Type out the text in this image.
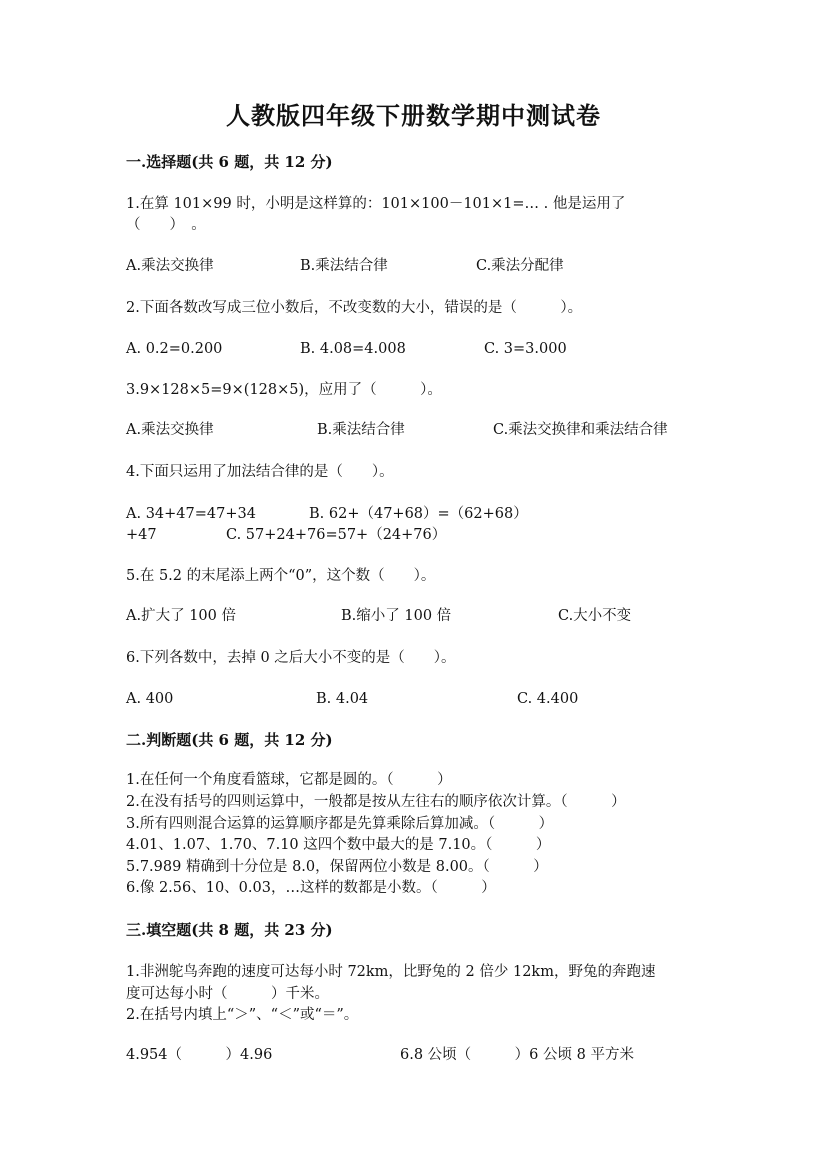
人教版四年级下册数学期中测试卷
一.选择题(共 6 题，共 12 分)
1.在算 101×99 时，小明是这样算的：101×100－101×1=… . 他是运用了
（　　）　。
A.乘法交换律	B.乘法结合律	C.乘法分配律
2.下面各数改写成三位小数后，不改变数的大小，错误的是（　　　）。
A. 0.2=0.200	B. 4.08=4.008	C. 3=3.000
3.9×128×5=9×(128×5)，应用了（　　　）。
A.乘法交换律	B.乘法结合律	C.乘法交换律和乘法结合律
4.下面只运用了加法结合律的是（　　）。
A. 34+47=47+34	B. 62+（47+68）=（62+68）
+47	C. 57+24+76=57+（24+76）
5.在 5.2 的末尾添上两个“0”，这个数（　　）。
A.扩大了 100 倍	B.缩小了 100 倍	C.大小不变
6.下列各数中，去掉 0 之后大小不变的是（　　）。
A. 400	B. 4.04	C. 4.400
二.判断题(共 6 题，共 12 分)
1.在任何一个角度看篮球，它都是圆的。（　　　）
2.在没有括号的四则运算中，一般都是按从左往右的顺序依次计算。（　　　）
3.所有四则混合运算的运算顺序都是先算乘除后算加减。（　　　）
4.01、1.07、1.70、7.10 这四个数中最大的是 7.10。（　　　）
5.7.989 精确到十分位是 8.0，保留两位小数是 8.00。（　　　）
6.像 2.56、10、0.03，…这样的数都是小数。（　　　）
三.填空题(共 8 题，共 23 分)
1.非洲鸵鸟奔跑的速度可达每小时 72km，比野兔的 2 倍少 12km，野兔的奔跑速
度可达每小时（　　　）千米。
2.在括号内填上“＞”、“＜”或“＝”。
4.954（　　　）4.96	6.8 公顷（　　　）6 公顷 8 平方米
